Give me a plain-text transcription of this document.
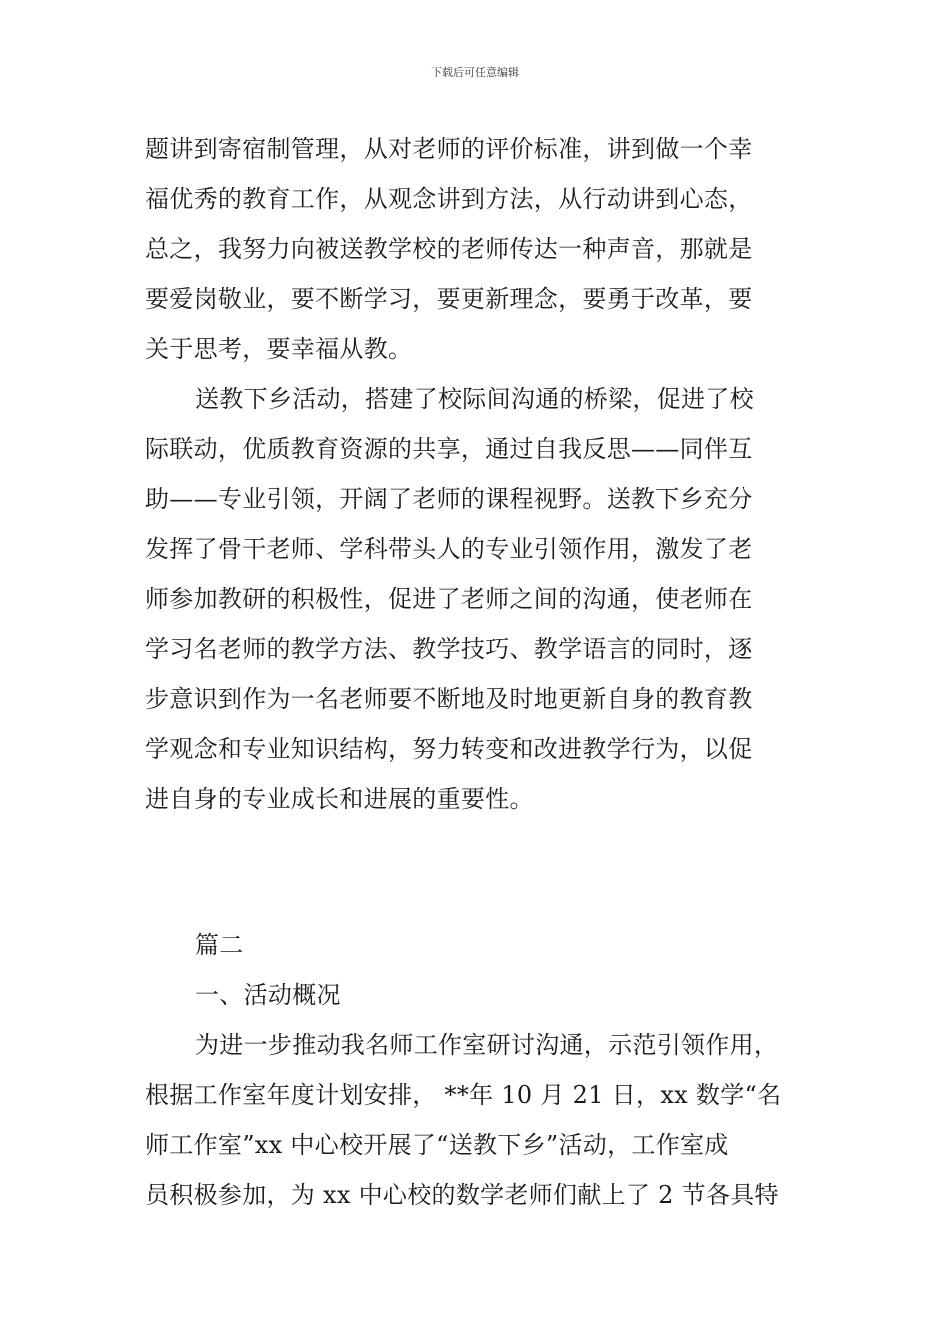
下载后可任意编辑
题讲到寄宿制管理，从对老师的评价标准，讲到做一个幸
福优秀的教育工作，从观念讲到方法，从行动讲到心态，
总之，我努力向被送教学校的老师传达一种声音，那就是
要爱岗敬业，要不断学习，要更新理念，要勇于改革，要
关于思考，要幸福从教。
送教下乡活动，搭建了校际间沟通的桥梁，促进了校
际联动，优质教育资源的共享，通过自我反思——同伴互
助——专业引领，开阔了老师的课程视野。送教下乡充分
发挥了骨干老师、学科带头人的专业引领作用，激发了老
师参加教研的积极性，促进了老师之间的沟通，使老师在
学习名老师的教学方法、教学技巧、教学语言的同时，逐
步意识到作为一名老师要不断地及时地更新自身的教育教
学观念和专业知识结构，努力转变和改进教学行为，以促
进自身的专业成长和进展的重要性。
篇二
一、活动概况
为进一步推动我名师工作室研讨沟通，示范引领作用，
根据工作室年度计划安排， **年 10 月 21 日，xx 数学“名
师工作室”xx 中心校开展了“送教下乡”活动，工作室成
员积极参加，为 xx 中心校的数学老师们献上了 2 节各具特
